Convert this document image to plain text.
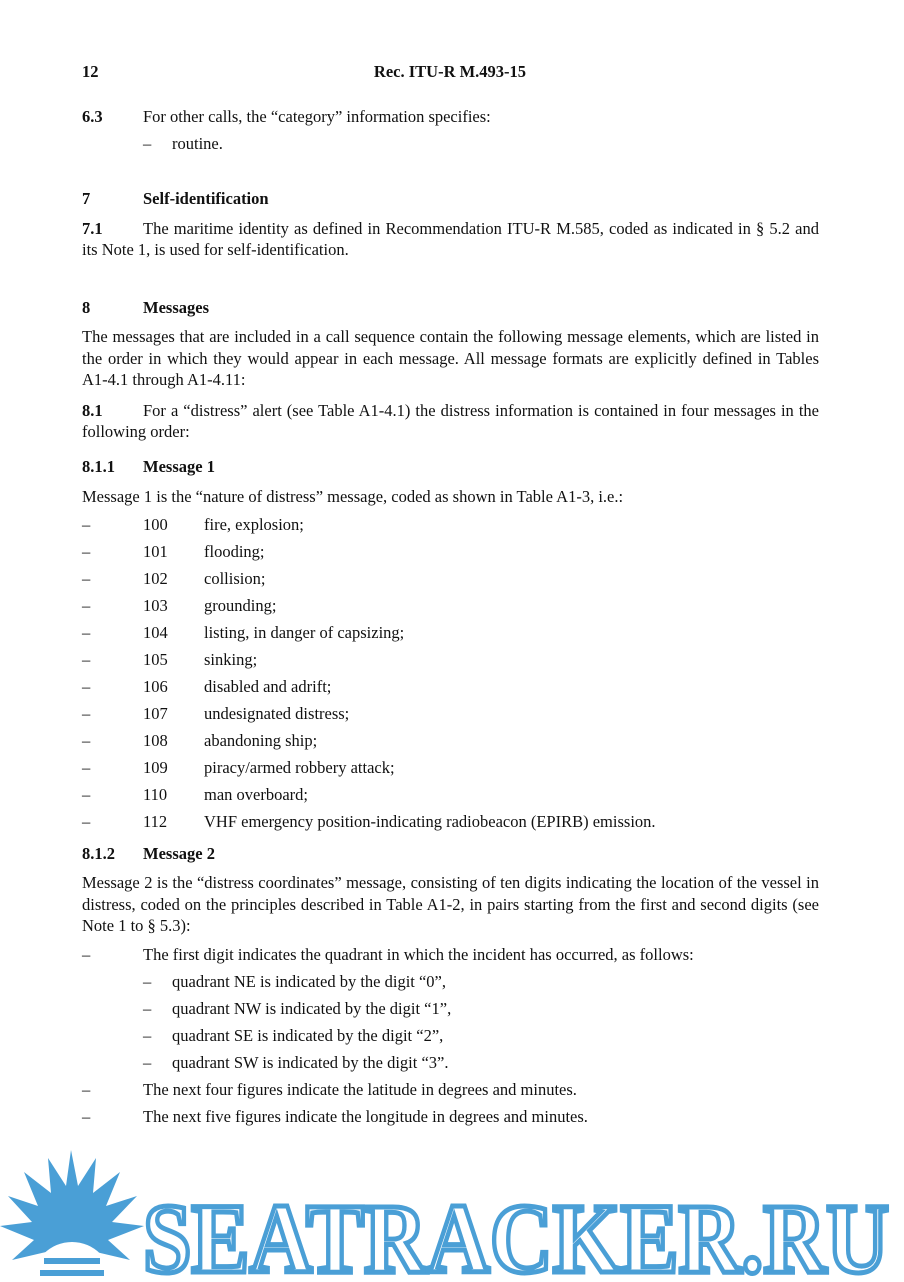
12	Rec. ITU-R M.493-15

6.3 For other calls, the “category” information specifies:

– routine.

7	Self-identification

7.1 The maritime identity as defined in Recommendation ITU-R M.585, coded as indicated in § 5.2 and its Note 1, is used for self-identification.

8	Messages

The messages that are included in a call sequence contain the following message elements, which are listed in the order in which they would appear in each message. All message formats are explicitly defined in Tables A1-4.1 through A1-4.11:

8.1 For a “distress” alert (see Table A1-4.1) the distress information is contained in four messages in the following order:

8.1.1 Message 1

Message 1 is the “nature of distress” message, coded as shown in Table A1-3, i.e.:

–	100 fire, explosion;
–	101 flooding;
–	102 collision;
–	103 grounding;
–	104 listing, in danger of capsizing;
–	105 sinking;
–	106 disabled and adrift;
–	107 undesignated distress;
–	108 abandoning ship;
–	109 piracy/armed robbery attack;
–	110 man overboard;
–	112 VHF emergency position-indicating radiobeacon (EPIRB) emission.

8.1.2 Message 2

Message 2 is the “distress coordinates” message, consisting of ten digits indicating the location of the vessel in distress, coded on the principles described in Table A1-2, in pairs starting from the first and second digits (see Note 1 to § 5.3):

–	The first digit indicates the quadrant in which the incident has occurred, as follows:
– quadrant NE is indicated by the digit “0”,
– quadrant NW is indicated by the digit “1”,
– quadrant SE is indicated by the digit “2”,
– quadrant SW is indicated by the digit “3”.
–	The next four figures indicate the latitude in degrees and minutes.
–	The next five figures indicate the longitude in degrees and minutes.
SEATRACKER.RU
